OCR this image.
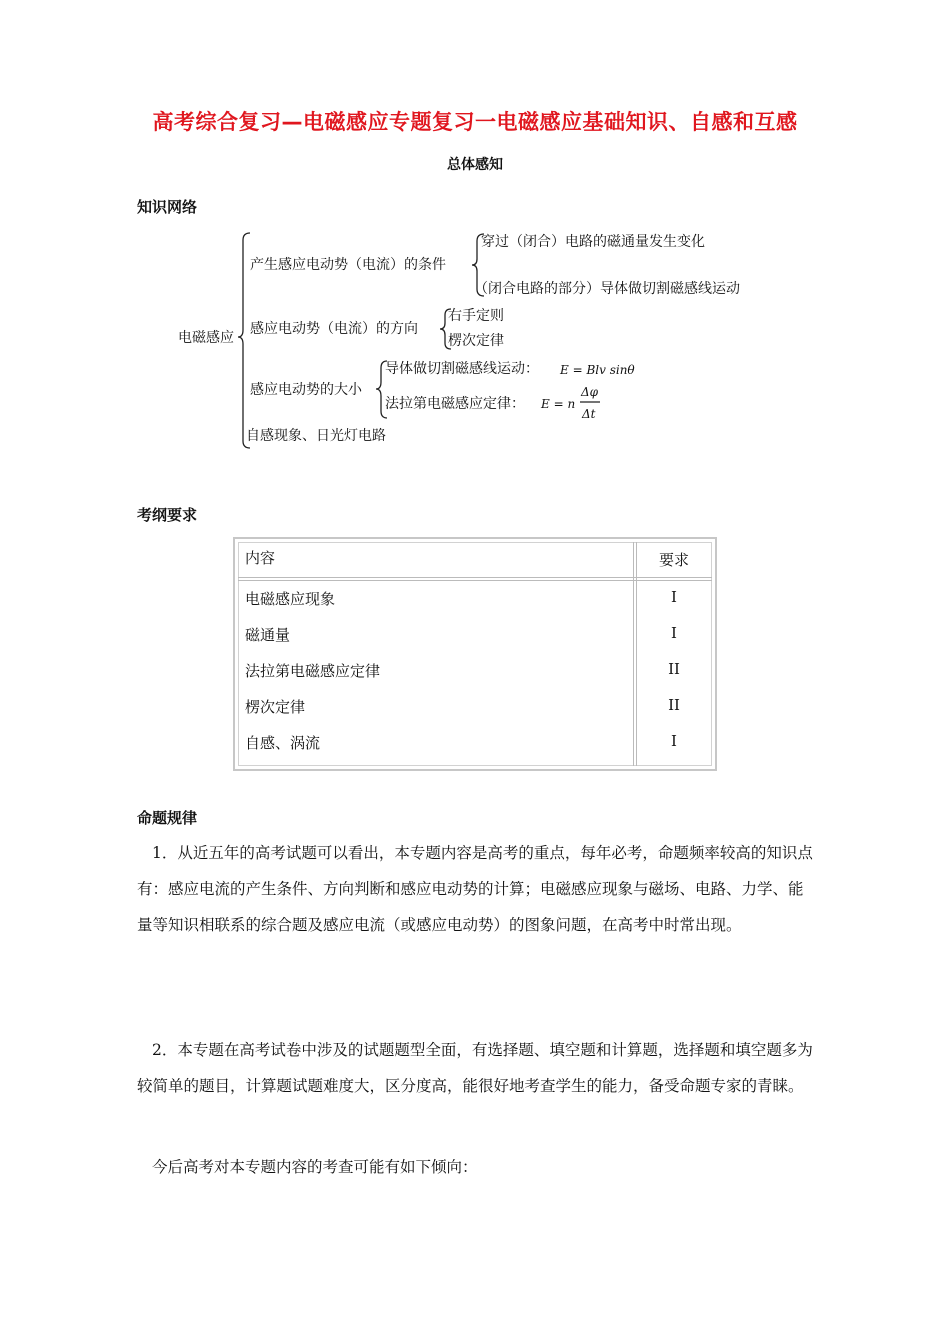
高考综合复习—电磁感应专题复习一电磁感应基础知识、自感和互感
总体感知
知识网络
电磁感应
产生感应电动势（电流）的条件
穿过（闭合）电路的磁通量发生变化
（闭合电路的部分）导体做切割磁感线运动
感应电动势（电流）的方向
右手定则
楞次定律
感应电动势的大小
导体做切割磁感线运动： E = Blv sinθ
法拉第电磁感应定律： E = n
Δφ
Δt
自感现象、日光灯电路
考纲要求
内容	要求
电磁感应现象	I
磁通量	I
法拉第电磁感应定律	II
楞次定律	II
自感、涡流	I
命题规律

1．从近五年的高考试题可以看出，本专题内容是高考的重点，每年必考，命题频率较高的知识点有：感应电流的产生条件、方向判断和感应电动势的计算；电磁感应现象与磁场、电路、力学、能量等知识相联系的综合题及感应电流（或感应电动势）的图象问题，在高考中时常出现。

2．本专题在高考试卷中涉及的试题题型全面，有选择题、填空题和计算题，选择题和填空题多为较简单的题目，计算题试题难度大，区分度高，能很好地考查学生的能力，备受命题专家的青睐。

今后高考对本专题内容的考查可能有如下倾向：
